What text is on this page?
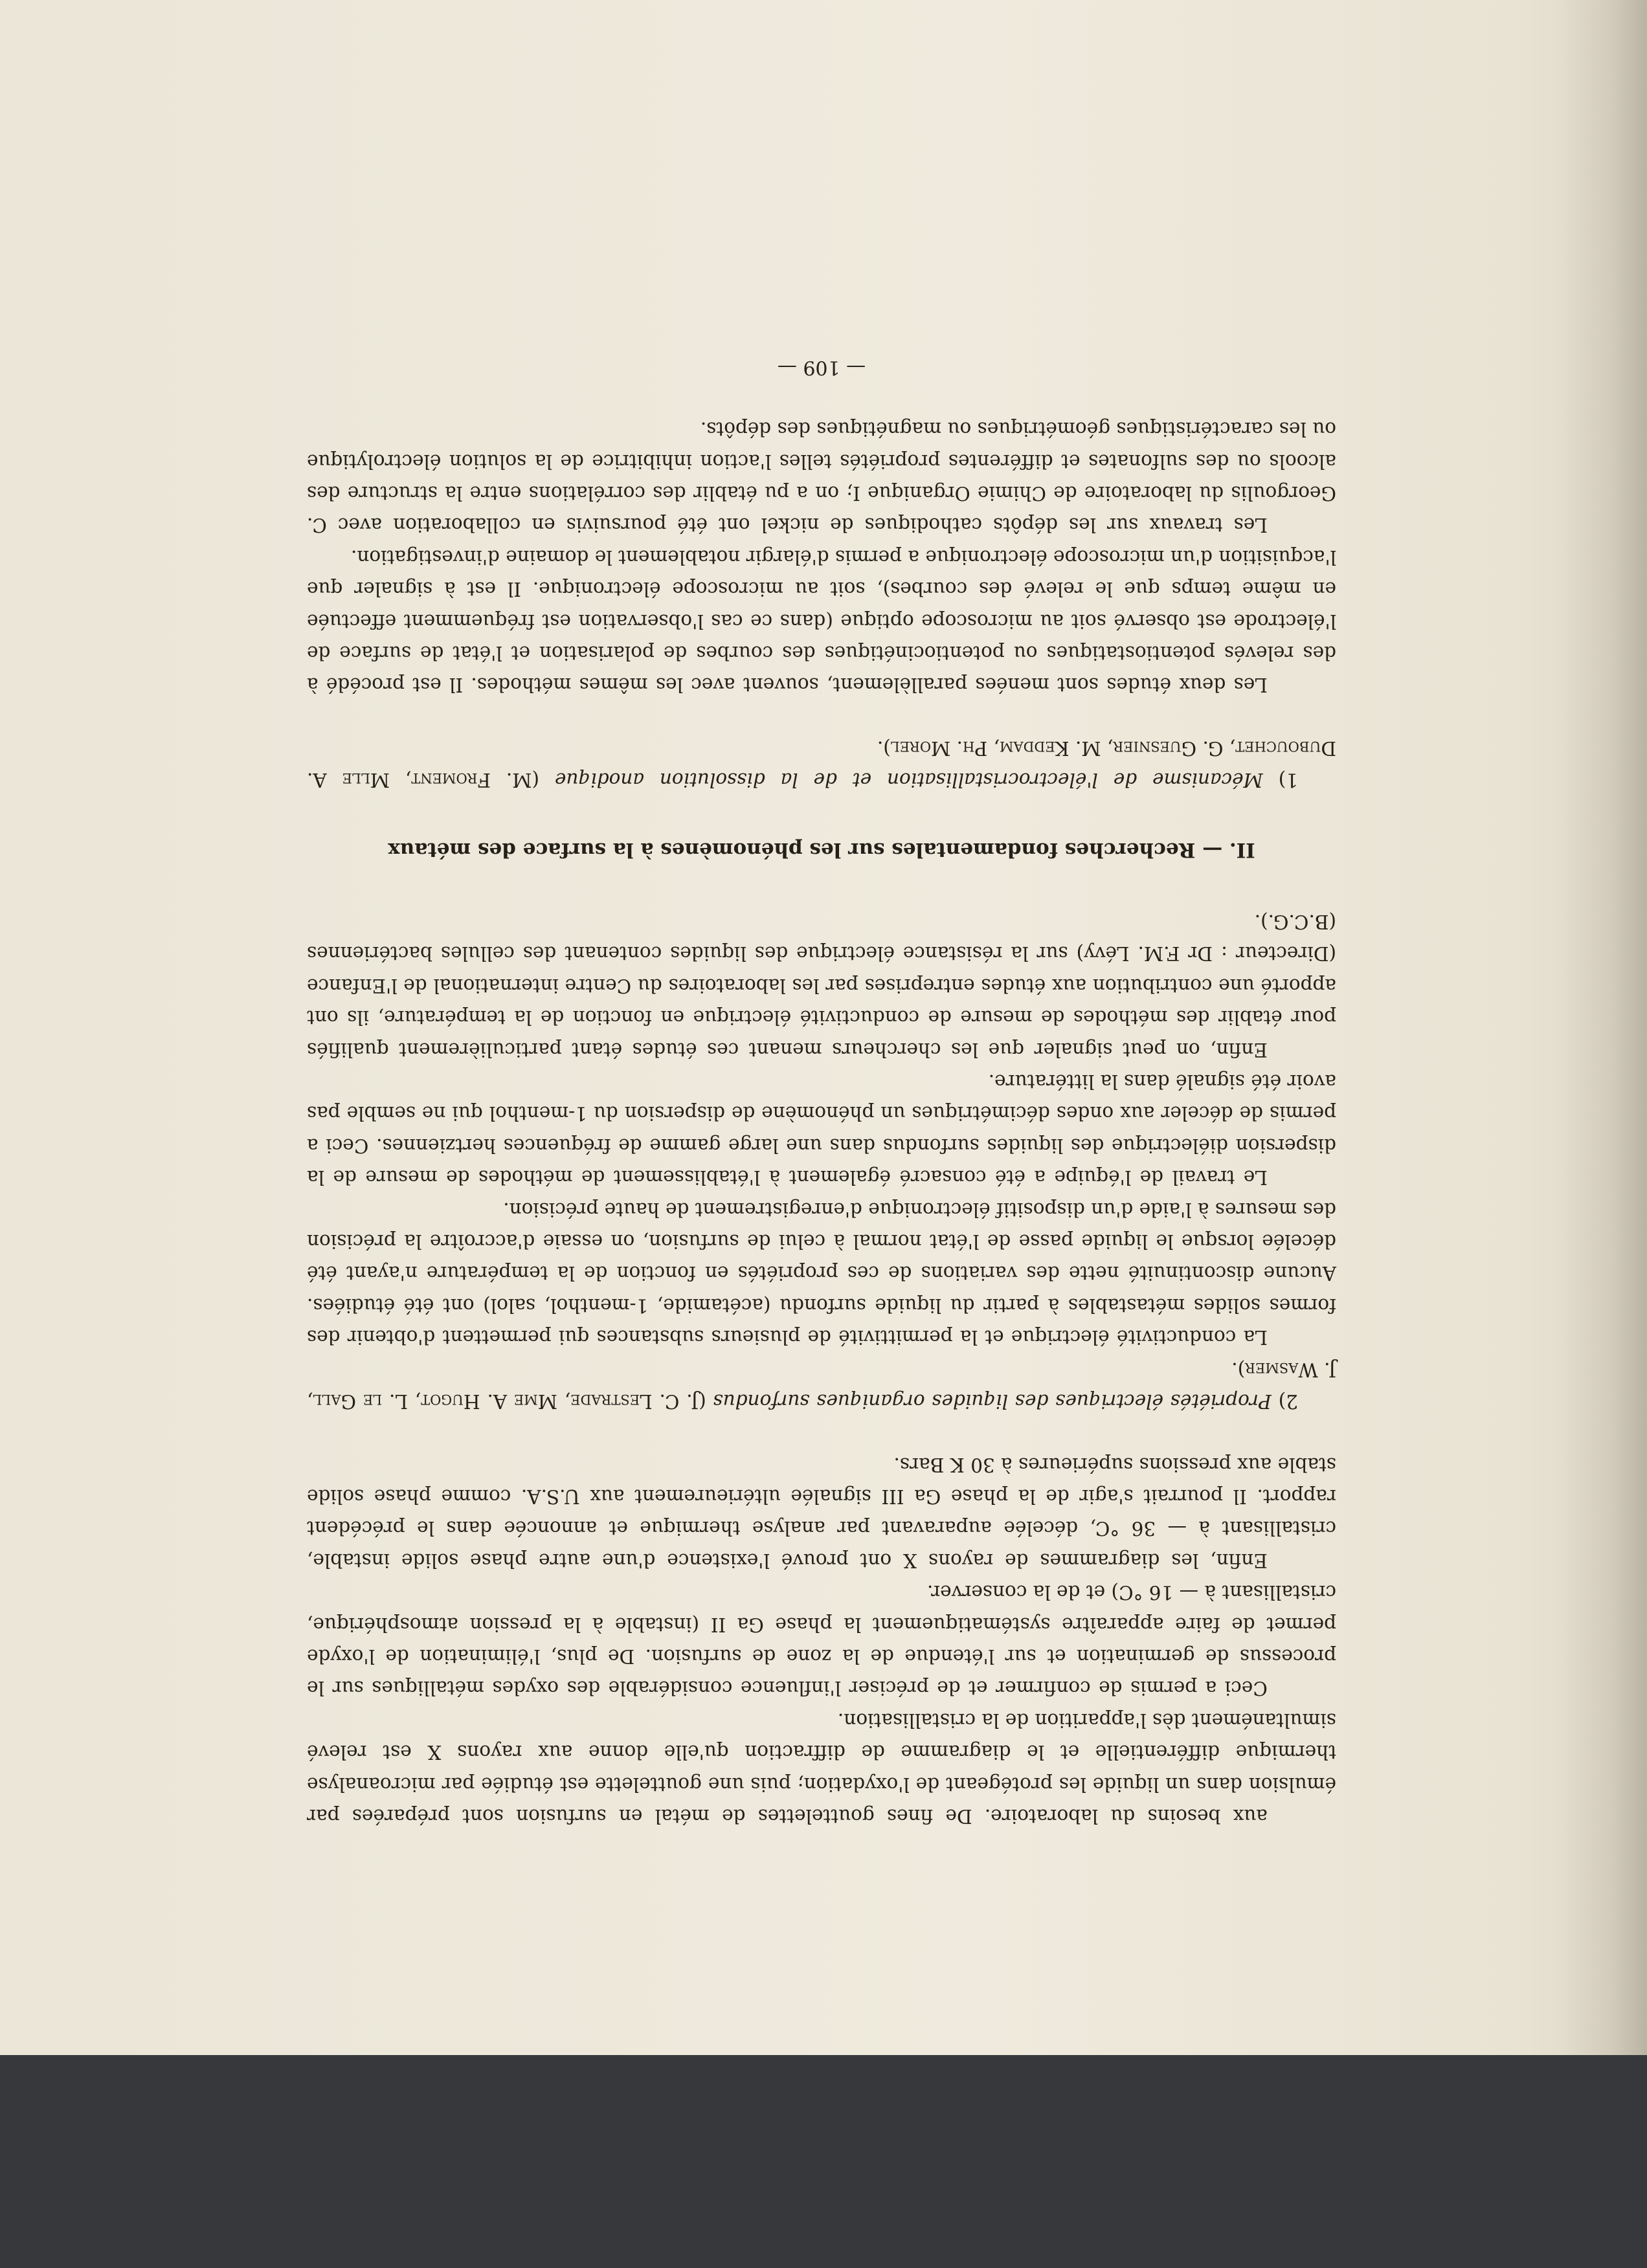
aux besoins du laboratoire. De fines gouttelettes de métal en surfusion sont préparées par émulsion dans un liquide les protégeant de l'oxydation; puis une gouttelette est étudiée par microanalyse thermique différentielle et le diagramme de diffraction qu'elle donne aux rayons X est relevé simultanément dès l'apparition de la cristallisation.

Ceci a permis de confirmer et de préciser l'influence considérable des oxydes métalliques sur le processus de germination et sur l'étendue de la zone de surfusion. De plus, l'élimination de l'oxyde permet de faire apparaître systématiquement la phase Ga II (instable à la pression atmosphérique, cristallisant à — 16 °C) et de la conserver.

Enfin, les diagrammes de rayons X ont prouvé l'existence d'une autre phase solide instable, cristallisant à — 36 °C, décelée auparavant par analyse thermique et annoncée dans le précédent rapport. Il pourrait s'agir de la phase Ga III signalée ultérieurement aux U.S.A. comme phase solide stable aux pressions supérieures à 30 K Bars.

2) Propriétés électriques des liquides organiques surfondus (J. C. Lestrade, Mme A. Hugot, L. le Gall, J. Wasmer).

La conductivité électrique et la permittivité de plusieurs substances qui permettent d'obtenir des formes solides métastables à partir du liquide surfondu (acétamide, 1-menthol, salol) ont été étudiées. Aucune discontinuité nette des variations de ces propriétés en fonction de la température n'ayant été décelée lorsque le liquide passe de l'état normal à celui de surfusion, on essaie d'accroître la précision des mesures à l'aide d'un dispositif électronique d'enregistrement de haute précision.

Le travail de l'équipe a été consacré également à l'établissement de méthodes de mesure de la dispersion diélectrique des liquides surfondus dans une large gamme de fréquences hertziennes. Ceci a permis de déceler aux ondes décimétriques un phénomène de dispersion du 1-menthol qui ne semble pas avoir été signalé dans la littérature.

Enfin, on peut signaler que les chercheurs menant ces études étant particulièrement qualifiés pour établir des méthodes de mesure de conductivité électrique en fonction de la température, ils ont apporté une contribution aux études entreprises par les laboratoires du Centre international de l'Enfance (Directeur : Dr F.M. Lévy) sur la résistance électrique des liquides contenant des cellules bactériennes (B.C.G.).

II. — Recherches fondamentales sur les phénomènes à la surface des métaux

1) Mécanisme de l'électrocristallisation et de la dissolution anodique (M. Froment, Mlle A. Dubouchet, G. Guesnier, M. Keddam, Ph. Morel).

Les deux études sont menées parallèlement, souvent avec les mêmes méthodes. Il est procédé à des relevés potentiostatiques ou potentiocinétiques des courbes de polarisation et l'état de surface de l'électrode est observé soit au microscope optique (dans ce cas l'observation est fréquemment effectuée en même temps que le relevé des courbes), soit au microscope électronique. Il est à signaler que l'acquisition d'un microscope électronique a permis d'élargir notablement le domaine d'investigation.

Les travaux sur les dépôts cathodiques de nickel ont été poursuivis en collaboration avec C. Georgoulis du laboratoire de Chimie Organique I; on a pu établir des corrélations entre la structure des alcools ou des sulfonates et différentes propriétés telles l'action inhibitrice de la solution électrolytique ou les caractéristiques géométriques ou magnétiques des dépôts.

— 109 —
